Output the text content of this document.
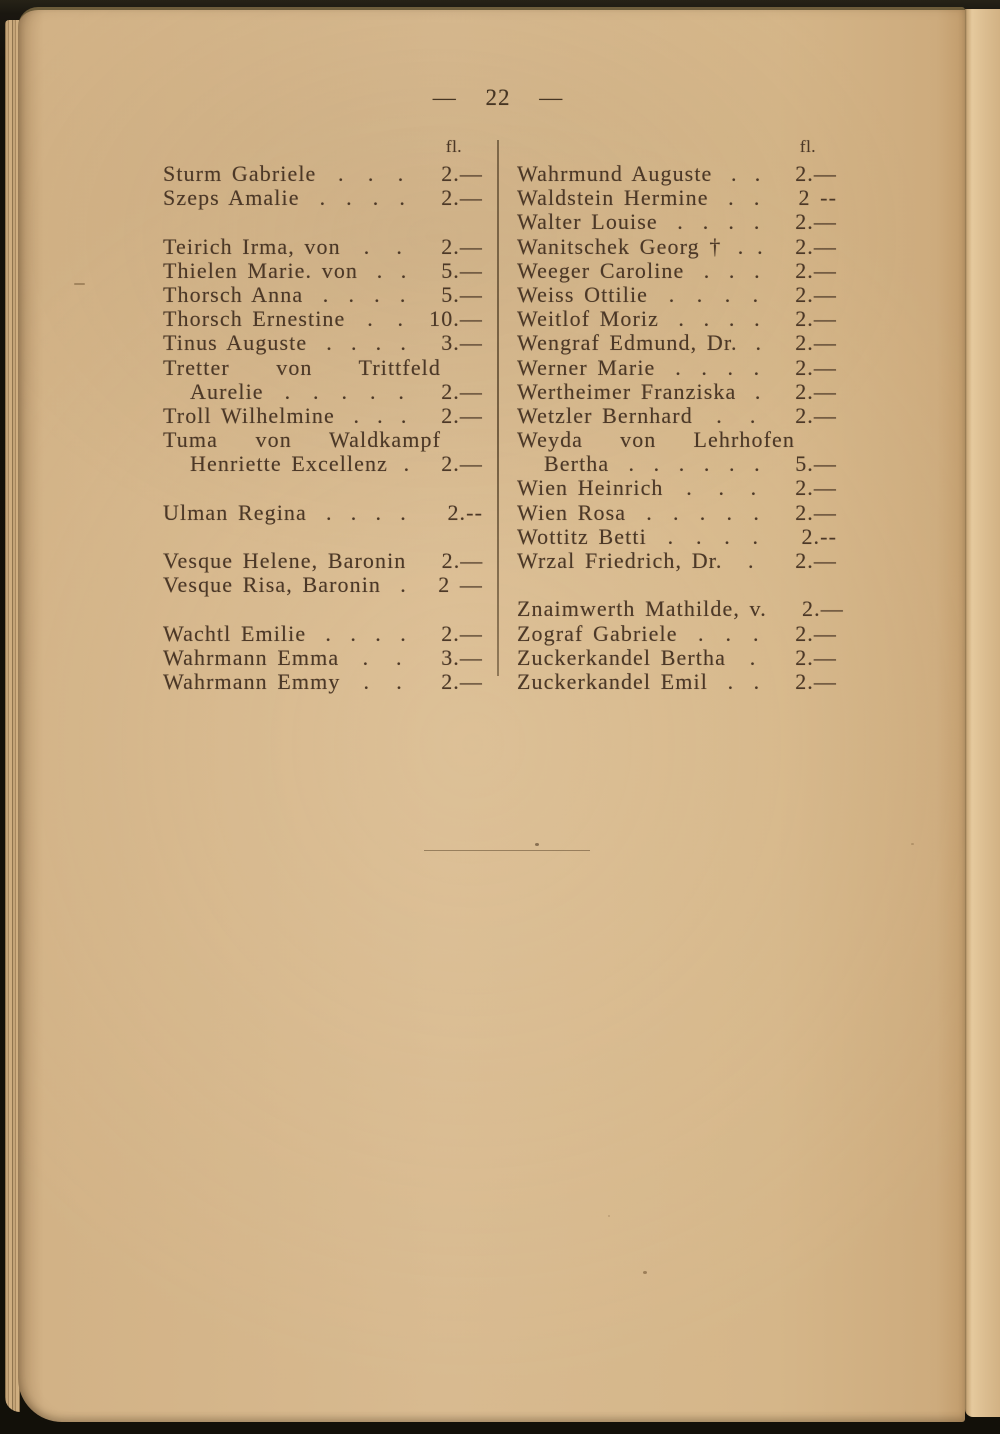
— 22 —
fl.
Sturm Gabriele . . .	2.—
Szeps Amalie . . . .	2.—
Teirich Irma, von . .	2.—
Thielen Marie. von . .	5.—
Thorsch Anna . . . .	5.—
Thorsch Ernestine . . 10.—
Tinus Auguste . . . .	3.—
Tretter von Trittfeld
Aurelie . . . . .	2.—
Troll Wilhelmine . . .	2.—
Tuma von Waldkampf
Henriette Excellenz .	2.—
Ulman Regina . . . .	2.--
Vesque Helene, Baronin	2.—
Vesque Risa, Baronin .	2 —
Wachtl Emilie . . . .	2.—
Wahrmann Emma . .	3.—
Wahrmann Emmy . .	2.—
fl.
Wahrmund Auguste . .	2.—
Waldstein Hermine . .	2 --
Walter Louise . . . .	2.—
Wanitschek Georg † . .	2.—
Weeger Caroline . . .	2.—
Weiss Ottilie . . . .	2.—
Weitlof Moriz . . . .	2.—
Wengraf Edmund, Dr. .	2.—
Werner Marie . . . .	2.—
Wertheimer Franziska .	2.—
Wetzler Bernhard . .	2.—
Weyda von Lehrhofen
Bertha . . . . . .	5.—
Wien Heinrich . . .	2.—
Wien Rosa . . . . .	2.—
Wottitz Betti . . . .	2.--
Wrzal Friedrich, Dr. .	2.—
Znaimwerth Mathilde, v.	2.—
Zograf Gabriele . . .	2.—
Zuckerkandel Bertha .	2.—
Zuckerkandel Emil . .	2.—
